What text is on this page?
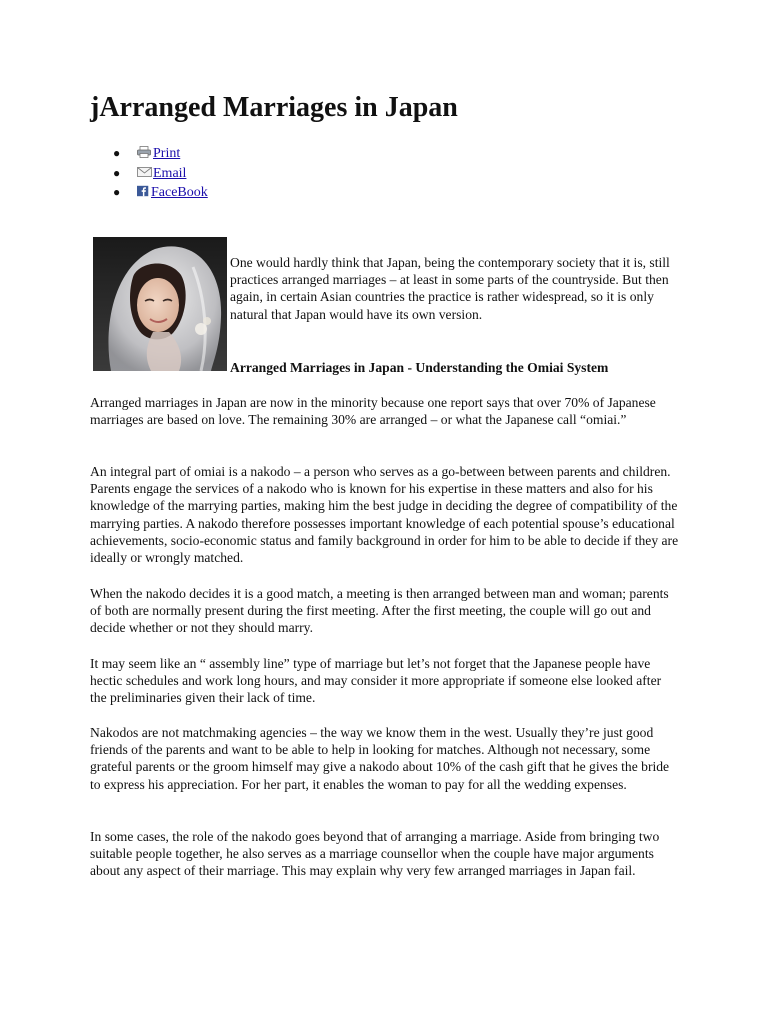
jArranged Marriages in Japan
● Print
● Email
● FaceBook

One would hardly think that Japan, being the contemporary society that it is, still practices arranged marriages – at least in some parts of the countryside. But then again, in certain Asian countries the practice is rather widespread, so it is only natural that Japan would have its own version.

Arranged Marriages in Japan - Understanding the Omiai System

Arranged marriages in Japan are now in the minority because one report says that over 70% of Japanese marriages are based on love. The remaining 30% are arranged – or what the Japanese call “omiai.”

An integral part of omiai is a nakodo – a person who serves as a go-between between parents and children. Parents engage the services of a nakodo who is known for his expertise in these matters and also for his knowledge of the marrying parties, making him the best judge in deciding the degree of compatibility of the marrying parties. A nakodo therefore possesses important knowledge of each potential spouse’s educational achievements, socio-economic status and family background in order for him to be able to decide if they are ideally or wrongly matched.

When the nakodo decides it is a good match, a meeting is then arranged between man and woman; parents of both are normally present during the first meeting. After the first meeting, the couple will go out and decide whether or not they should marry.

It may seem like an “ assembly line” type of marriage but let’s not forget that the Japanese people have hectic schedules and work long hours, and may consider it more appropriate if someone else looked after the preliminaries given their lack of time.

Nakodos are not matchmaking agencies – the way we know them in the west. Usually they’re just good friends of the parents and want to be able to help in looking for matches. Although not necessary, some grateful parents or the groom himself may give a nakodo about 10% of the cash gift that he gives the bride to express his appreciation. For her part, it enables the woman to pay for all the wedding expenses.

In some cases, the role of the nakodo goes beyond that of arranging a marriage. Aside from bringing two suitable people together, he also serves as a marriage counsellor when the couple have major arguments about any aspect of their marriage. This may explain why very few arranged marriages in Japan fail.
